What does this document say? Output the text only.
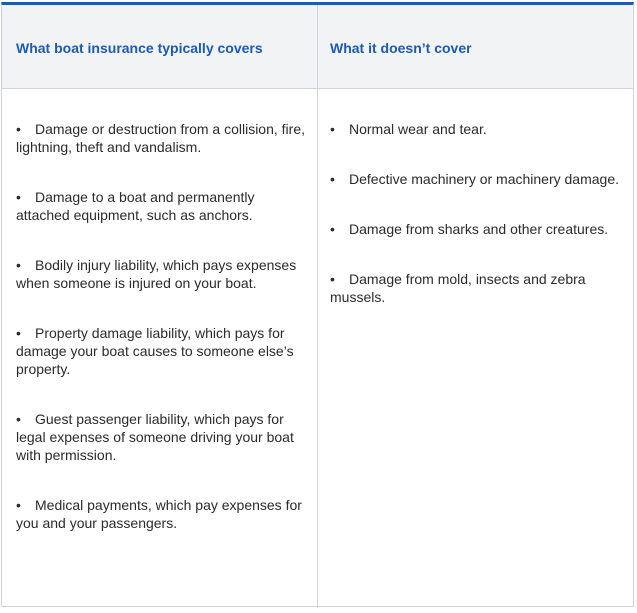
What boat insurance typically covers	What it doesn’t cover

• Damage or destruction from a collision, fire, lightning, theft and vandalism.

• Damage to a boat and permanently attached equipment, such as anchors.

• Bodily injury liability, which pays expenses when someone is injured on your boat.

• Property damage liability, which pays for damage your boat causes to someone else’s property.

• Guest passenger liability, which pays for legal expenses of someone driving your boat with permission.

• Medical payments, which pay expenses for you and your passengers.

• Normal wear and tear.

• Defective machinery or machinery damage.

• Damage from sharks and other creatures.

• Damage from mold, insects and zebra mussels.
